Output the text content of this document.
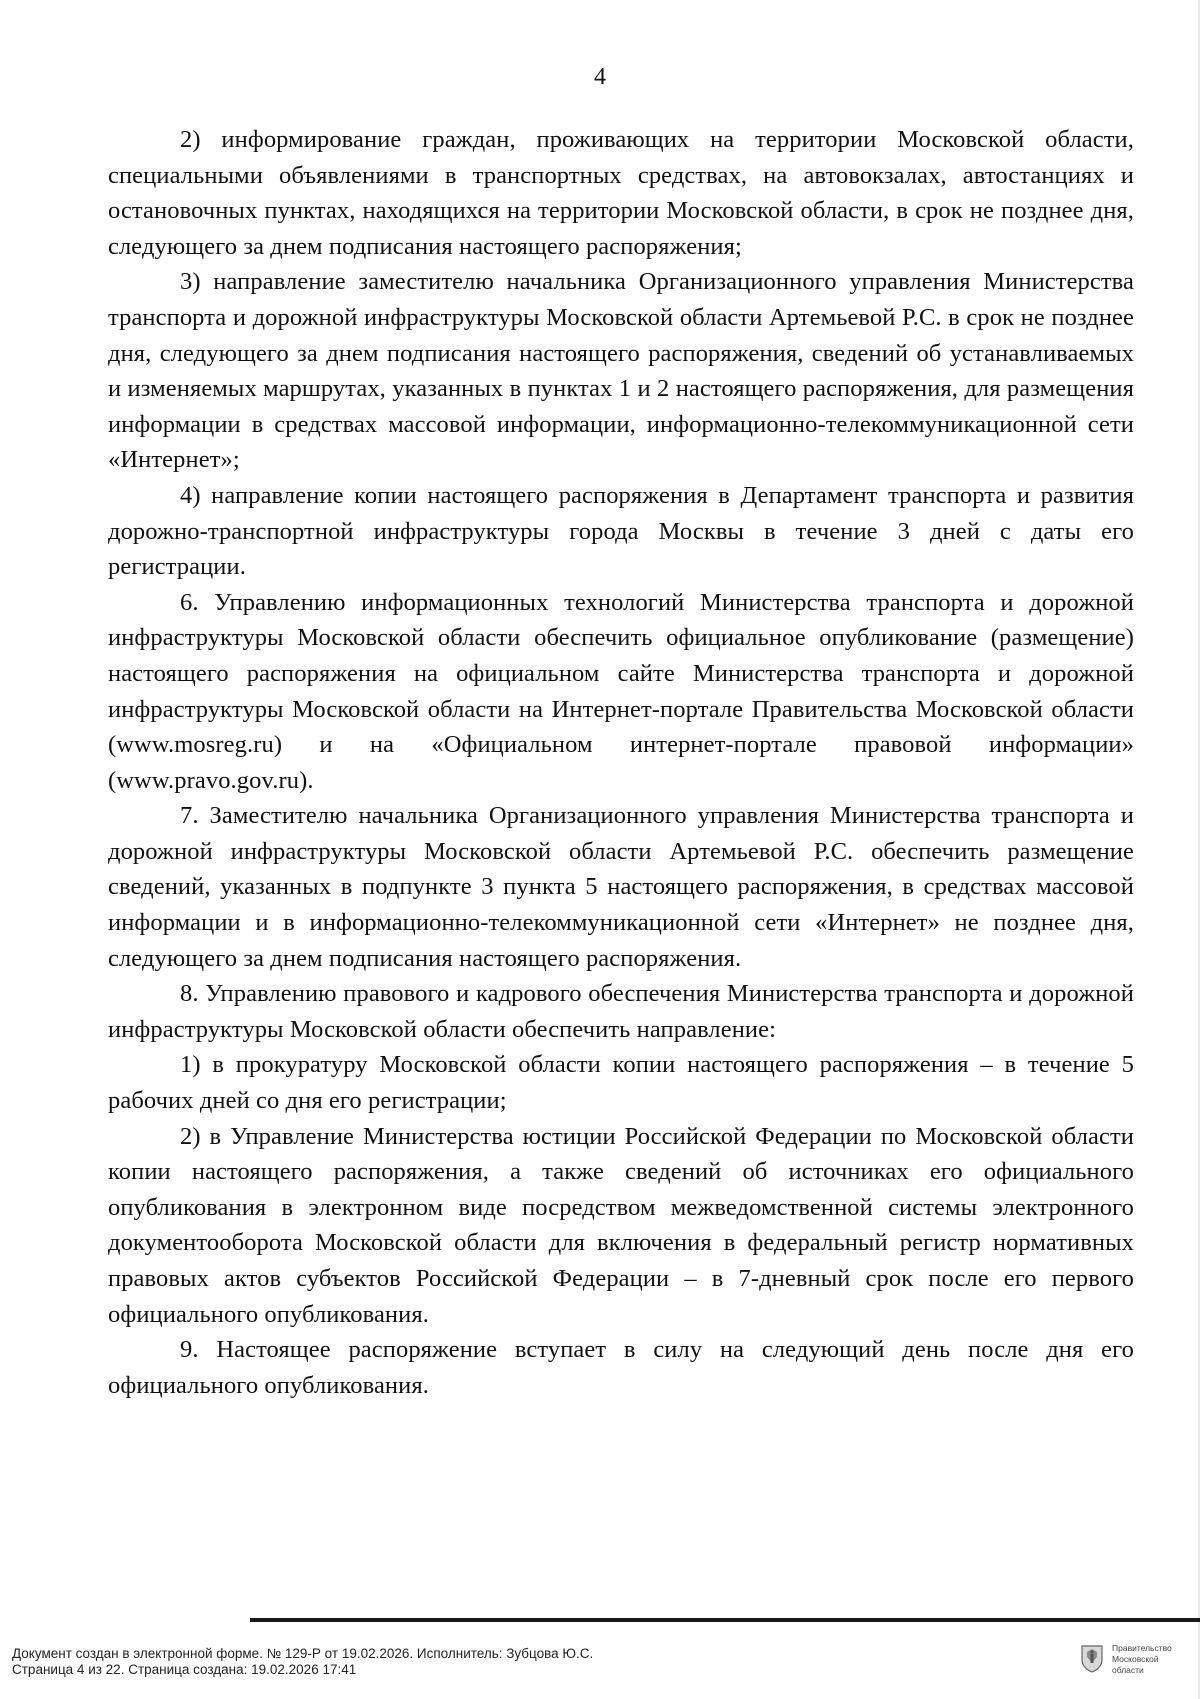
4

2) информирование граждан, проживающих на территории Московской области, специальными объявлениями в транспортных средствах, на автовокзалах, автостанциях и остановочных пунктах, находящихся на территории Московской области, в срок не позднее дня, следующего за днем подписания настоящего распоряжения;

3) направление заместителю начальника Организационного управления Министерства транспорта и дорожной инфраструктуры Московской области Артемьевой Р.С. в срок не позднее дня, следующего за днем подписания настоящего распоряжения, сведений об устанавливаемых и изменяемых маршрутах, указанных в пунктах 1 и 2 настоящего распоряжения, для размещения информации в средствах массовой информации, информационно-телекоммуникационной сети «Интернет»;

4) направление копии настоящего распоряжения в Департамент транспорта и развития дорожно-транспортной инфраструктуры города Москвы в течение 3 дней с даты его регистрации.

6. Управлению информационных технологий Министерства транспорта и дорожной инфраструктуры Московской области обеспечить официальное опубликование (размещение) настоящего распоряжения на официальном сайте Министерства транспорта и дорожной инфраструктуры Московской области на Интернет-портале Правительства Московской области (www.mosreg.ru) и на «Официальном интернет-портале правовой информации» (www.pravo.gov.ru).

7. Заместителю начальника Организационного управления Министерства транспорта и дорожной инфраструктуры Московской области Артемьевой Р.С. обеспечить размещение сведений, указанных в подпункте 3 пункта 5 настоящего распоряжения, в средствах массовой информации и в информационно-телекоммуникационной сети «Интернет» не позднее дня, следующего за днем подписания настоящего распоряжения.

8. Управлению правового и кадрового обеспечения Министерства транспорта и дорожной инфраструктуры Московской области обеспечить направление:

1) в прокуратуру Московской области копии настоящего распоряжения – в течение 5 рабочих дней со дня его регистрации;

2) в Управление Министерства юстиции Российской Федерации по Московской области копии настоящего распоряжения, а также сведений об источниках его официального опубликования в электронном виде посредством межведомственной системы электронного документооборота Московской области для включения в федеральный регистр нормативных правовых актов субъектов Российской Федерации – в 7-дневный срок после его первого официального опубликования.

9. Настоящее распоряжение вступает в силу на следующий день после дня его официального опубликования.

Документ создан в электронной форме. № 129-Р от 19.02.2026. Исполнитель: Зубцова Ю.С.
Страница 4 из 22. Страница создана: 19.02.2026 17:41
Правительство
Московской области
